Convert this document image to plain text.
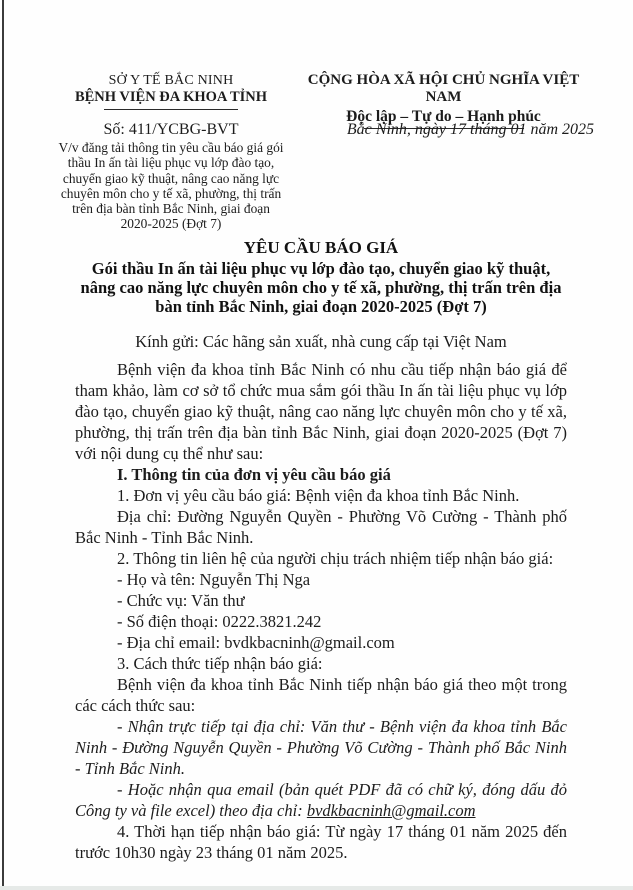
SỞ Y TẾ BẮC NINH
BỆNH VIỆN ĐA KHOA TỈNH
CỘNG HÒA XÃ HỘI CHỦ NGHĨA VIỆT NAM
Độc lập – Tự do – Hạnh phúc
Số: 411/YCBG-BVT
V/v đăng tải thông tin yêu cầu báo giá gói thầu In ấn tài liệu phục vụ lớp đào tạo, chuyển giao kỹ thuật, nâng cao năng lực chuyên môn cho y tế xã, phường, thị trấn trên địa bàn tỉnh Bắc Ninh, giai đoạn 2020-2025 (Đợt 7)
Bắc Ninh, ngày 17 tháng 01 năm 2025
YÊU CẦU BÁO GIÁ
Gói thầu In ấn tài liệu phục vụ lớp đào tạo, chuyển giao kỹ thuật, nâng cao năng lực chuyên môn cho y tế xã, phường, thị trấn trên địa bàn tỉnh Bắc Ninh, giai đoạn 2020-2025 (Đợt 7)

Kính gửi: Các hãng sản xuất, nhà cung cấp tại Việt Nam

Bệnh viện đa khoa tỉnh Bắc Ninh có nhu cầu tiếp nhận báo giá để tham khảo, làm cơ sở tổ chức mua sắm gói thầu In ấn tài liệu phục vụ lớp đào tạo, chuyển giao kỹ thuật, nâng cao năng lực chuyên môn cho y tế xã, phường, thị trấn trên địa bàn tỉnh Bắc Ninh, giai đoạn 2020-2025 (Đợt 7) với nội dung cụ thể như sau:

I. Thông tin của đơn vị yêu cầu báo giá

1. Đơn vị yêu cầu báo giá: Bệnh viện đa khoa tỉnh Bắc Ninh.

Địa chỉ: Đường Nguyễn Quyền - Phường Võ Cường - Thành phố Bắc Ninh - Tỉnh Bắc Ninh.

2. Thông tin liên hệ của người chịu trách nhiệm tiếp nhận báo giá:

- Họ và tên: Nguyễn Thị Nga

- Chức vụ: Văn thư

- Số điện thoại: 0222.3821.242

- Địa chỉ email: bvdkbacninh@gmail.com

3. Cách thức tiếp nhận báo giá:

Bệnh viện đa khoa tỉnh Bắc Ninh tiếp nhận báo giá theo một trong các cách thức sau:

- Nhận trực tiếp tại địa chỉ: Văn thư - Bệnh viện đa khoa tỉnh Bắc Ninh - Đường Nguyễn Quyền - Phường Võ Cường - Thành phố Bắc Ninh - Tỉnh Bắc Ninh.

- Hoặc nhận qua email (bản quét PDF đã có chữ ký, đóng dấu đỏ Công ty và file excel) theo địa chỉ: bvdkbacninh@gmail.com

4. Thời hạn tiếp nhận báo giá: Từ ngày 17 tháng 01 năm 2025 đến trước 10h30 ngày 23 tháng 01 năm 2025.
